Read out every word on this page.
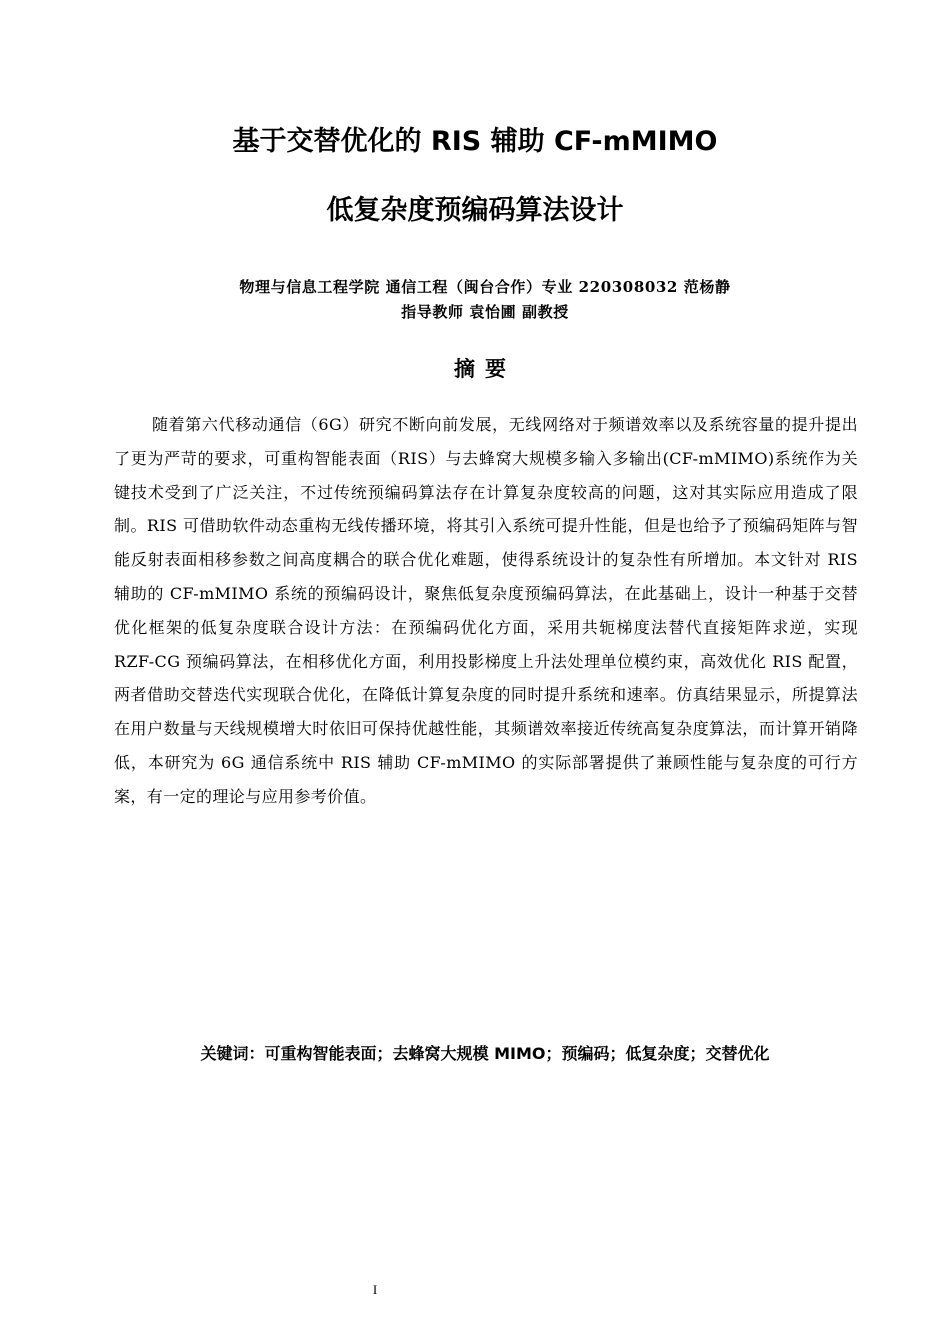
基于交替优化的 RIS 辅助 CF-mMIMO
低复杂度预编码算法设计

物理与信息工程学院 通信工程（闽台合作）专业 220308032 范杨静

指导教师 袁怡圃 副教授

摘要

随着第六代移动通信（6G）研究不断向前发展，无线网络对于频谱效率以及系统容量的提升提出了更为严苛的要求，可重构智能表面（RIS）与去蜂窝大规模多输入多输出(CF-mMIMO)系统作为关键技术受到了广泛关注，不过传统预编码算法存在计算复杂度较高的问题，这对其实际应用造成了限制。RIS 可借助软件动态重构无线传播环境，将其引入系统可提升性能，但是也给予了预编码矩阵与智能反射表面相移参数之间高度耦合的联合优化难题，使得系统设计的复杂性有所增加。本文针对 RIS 辅助的 CF-mMIMO 系统的预编码设计，聚焦低复杂度预编码算法，在此基础上，设计一种基于交替优化框架的低复杂度联合设计方法：在预编码优化方面，采用共轭梯度法替代直接矩阵求逆，实现 RZF-CG 预编码算法，在相移优化方面，利用投影梯度上升法处理单位模约束，高效优化 RIS 配置，两者借助交替迭代实现联合优化，在降低计算复杂度的同时提升系统和速率。仿真结果显示，所提算法在用户数量与天线规模增大时依旧可保持优越性能，其频谱效率接近传统高复杂度算法，而计算开销降低，本研究为 6G 通信系统中 RIS 辅助 CF-mMIMO 的实际部署提供了兼顾性能与复杂度的可行方案，有一定的理论与应用参考价值。

关键词：可重构智能表面；去蜂窝大规模 MIMO；预编码；低复杂度；交替优化

I
